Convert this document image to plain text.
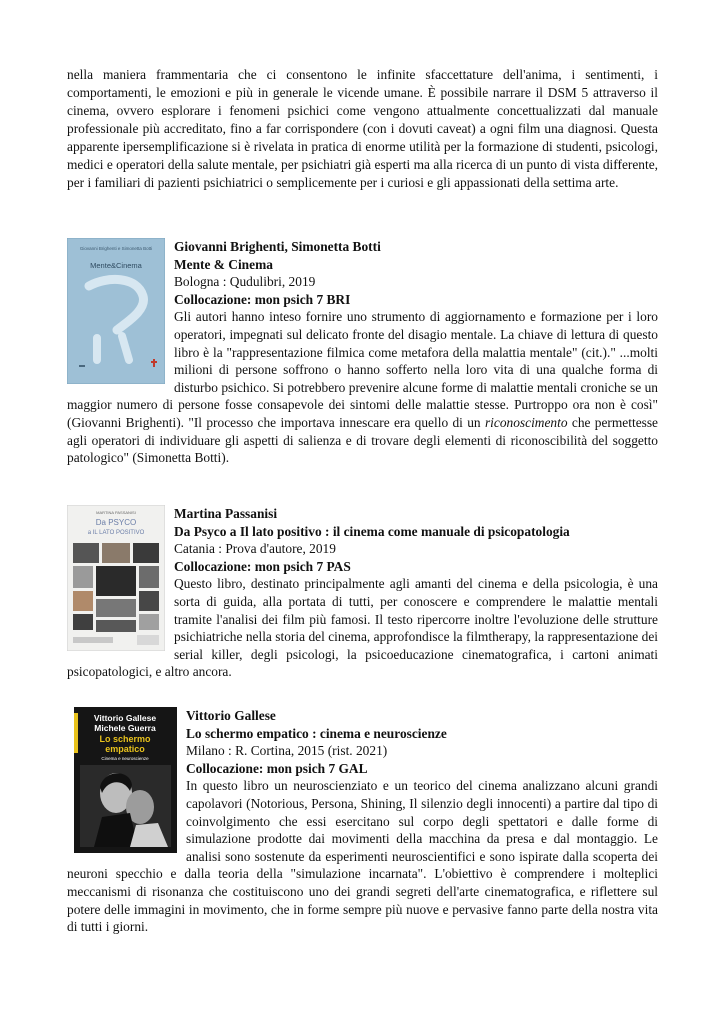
nella maniera frammentaria che ci consentono le infinite sfaccettature dell'anima, i sentimenti, i comportamenti, le emozioni e più in generale le vicende umane. È possibile narrare il DSM 5 attraverso il cinema, ovvero esplorare i fenomeni psichici come vengono attualmente concettualizzati dal manuale professionale più accreditato, fino a far corrispondere (con i dovuti caveat) a ogni film una diagnosi. Questa apparente ipersemplificazione si è rivelata in pratica di enorme utilità per la formazione di studenti, psicologi, medici e operatori della salute mentale, per psichiatri già esperti ma alla ricerca di un punto di vista differente, per i familiari di pazienti psichiatrici o semplicemente per i curiosi e gli appassionati della settima arte.

Giovanni Brighenti e Simonetta Botti
Mente&Cinema

Giovanni Brighenti, Simonetta Botti

Mente & Cinema

Bologna : Qudulibri, 2019

Collocazione: mon psich 7 BRI

Gli autori hanno inteso fornire uno strumento di aggiornamento e formazione per i loro operatori, impegnati sul delicato fronte del disagio mentale. La chiave di lettura di questo libro è la "rappresentazione filmica come metafora della malattia mentale" (cit.)." ...molti milioni di persone soffrono o hanno sofferto nella loro vita di una qualche forma di disturbo psichico. Si potrebbero prevenire alcune forme di malattie mentali croniche se un maggior numero di persone fosse consapevole dei sintomi delle malattie stesse. Purtroppo ora non è così" (Giovanni Brighenti). "Il processo che importava innescare era quello di un riconoscimento che permettesse agli operatori di individuare gli aspetti di salienza e di trovare degli elementi di riconoscibilità del soggetto patologico" (Simonetta Botti).

MARTINA PASSANISI
Da PSYCO
a IL LATO POSITIVO

Martina Passanisi

Da Psyco a Il lato positivo : il cinema come manuale di psicopatologia

Catania : Prova d'autore, 2019

Collocazione: mon psich 7 PAS

Questo libro, destinato principalmente agli amanti del cinema e della psicologia, è una sorta di guida, alla portata di tutti, per conoscere e comprendere le malattie mentali tramite l'analisi dei film più famosi. Il testo ripercorre inoltre l'evoluzione delle strutture psichiatriche nella storia del cinema, approfondisce la filmtherapy, la rappresentazione dei serial killer, degli psicologi, la psicoeducazione cinematografica, i cartoni animati psicopatologici, e altro ancora.

Vittorio Gallese
Michele Guerra
Lo schermo
empatico
Cinema e neuroscienze

Vittorio Gallese

Lo schermo empatico : cinema e neuroscienze

Milano : R. Cortina, 2015 (rist. 2021)

Collocazione: mon psich 7 GAL

In questo libro un neuroscienziato e un teorico del cinema analizzano alcuni grandi capolavori (Notorious, Persona, Shining, Il silenzio degli innocenti) a partire dal tipo di coinvolgimento che essi esercitano sul corpo degli spettatori e dalle forme di simulazione prodotte dai movimenti della macchina da presa e dal montaggio. Le analisi sono sostenute da esperimenti neuroscientifici e sono ispirate dalla scoperta dei neuroni specchio e dalla teoria della "simulazione incarnata". L'obiettivo è comprendere i molteplici meccanismi di risonanza che costituiscono uno dei grandi segreti dell'arte cinematografica, e riflettere sul potere delle immagini in movimento, che in forme sempre più nuove e pervasive fanno parte della nostra vita di tutti i giorni.
